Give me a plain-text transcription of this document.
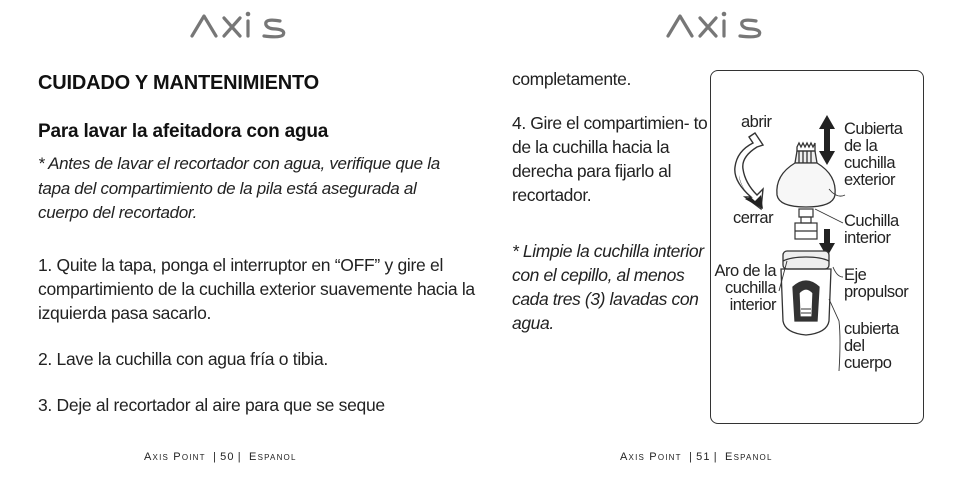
CUIDADO Y MANTENIMIENTO
Para lavar la afeitadora con agua
* Antes de lavar el recortador con agua, verifique que la tapa del compartimiento de la pila está asegurada al cuerpo del recortador.
1. Quite la tapa, ponga el interruptor en “OFF” y gire el compartimiento de la cuchilla exterior suavemente hacia la izquierda pasa sacarlo.
2. Lave la cuchilla con agua fría o tibia.
3. Deje al recortador al aire para que se seque
Axis Point | 50 | Espanol
completamente.
4. Gire el compartimien- to de la cuchilla hacia la derecha para fijarlo al recortador.
* Limpie la cuchilla interior con el cepillo, al menos cada tres (3) lavadas con agua.
abrir
cerrar
Cubierta de la cuchilla exterior
Cuchilla interior
Aro de la cuchilla interior
Eje propulsor
cubierta del cuerpo
Axis Point | 51 | Espanol
